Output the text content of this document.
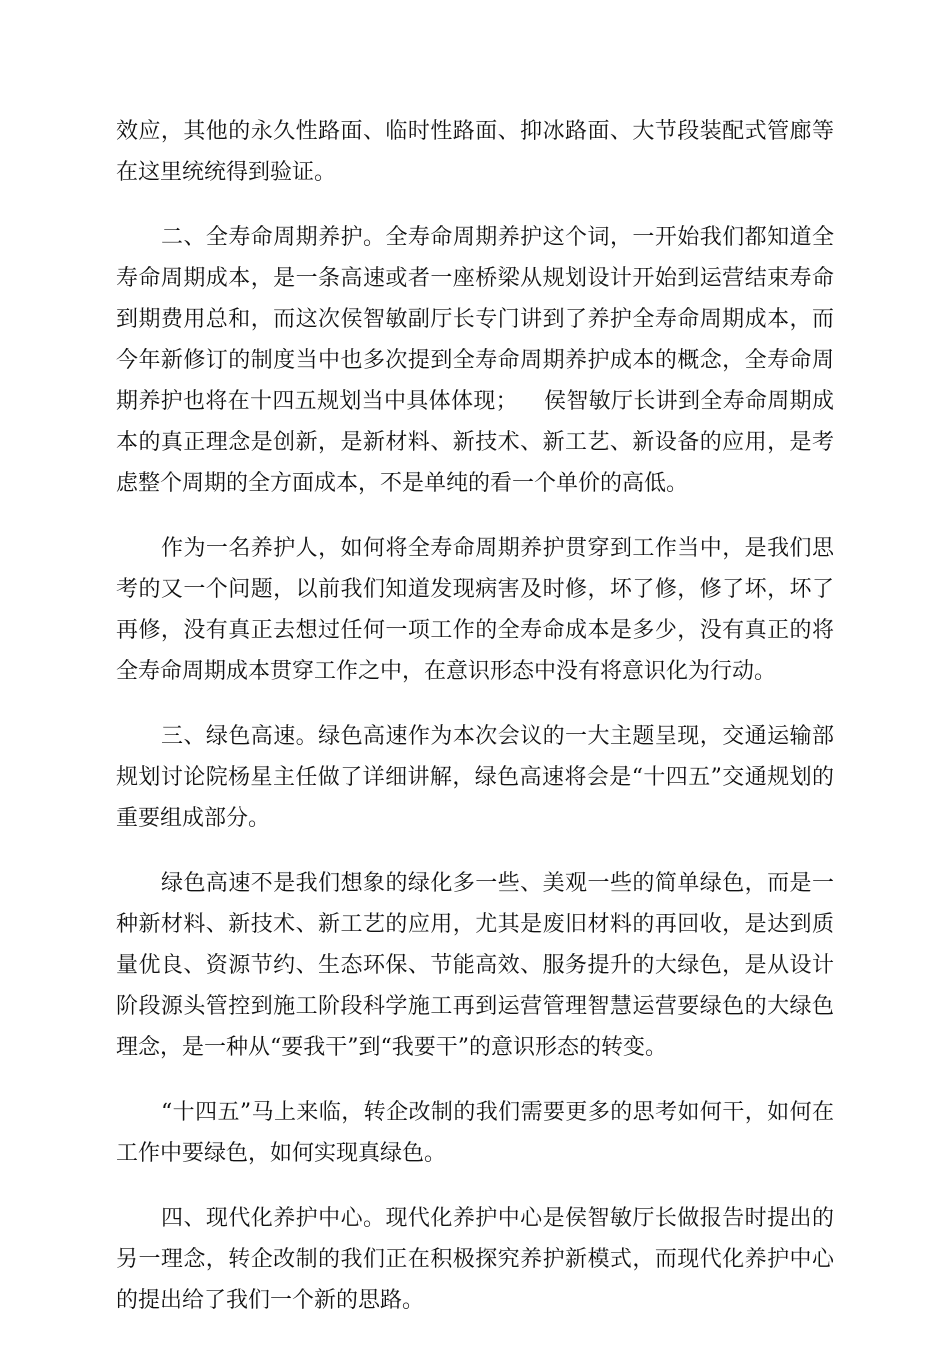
效应，其他的永久性路面、临时性路面、抑冰路面、大节段装配式管廊等在这里统统得到验证。

二、全寿命周期养护。全寿命周期养护这个词，一开始我们都知道全寿命周期成本，是一条高速或者一座桥梁从规划设计开始到运营结束寿命到期费用总和，而这次侯智敏副厅长专门讲到了养护全寿命周期成本，而今年新修订的制度当中也多次提到全寿命周期养护成本的概念，全寿命周期养护也将在十四五规划当中具体体现； 侯智敏厅长讲到全寿命周期成本的真正理念是创新，是新材料、新技术、新工艺、新设备的应用，是考虑整个周期的全方面成本，不是单纯的看一个单价的高低。

作为一名养护人，如何将全寿命周期养护贯穿到工作当中，是我们思考的又一个问题，以前我们知道发现病害及时修，坏了修，修了坏，坏了再修，没有真正去想过任何一项工作的全寿命成本是多少，没有真正的将全寿命周期成本贯穿工作之中，在意识形态中没有将意识化为行动。

三、绿色高速。绿色高速作为本次会议的一大主题呈现，交通运输部规划讨论院杨星主任做了详细讲解，绿色高速将会是“十四五”交通规划的重要组成部分。

绿色高速不是我们想象的绿化多一些、美观一些的简单绿色，而是一种新材料、新技术、新工艺的应用，尤其是废旧材料的再回收，是达到质量优良、资源节约、生态环保、节能高效、服务提升的大绿色，是从设计阶段源头管控到施工阶段科学施工再到运营管理智慧运营要绿色的大绿色理念，是一种从“要我干”到“我要干”的意识形态的转变。

“十四五”马上来临，转企改制的我们需要更多的思考如何干，如何在工作中要绿色，如何实现真绿色。

四、现代化养护中心。现代化养护中心是侯智敏厅长做报告时提出的另一理念，转企改制的我们正在积极探究养护新模式，而现代化养护中心的提出给了我们一个新的思路。
